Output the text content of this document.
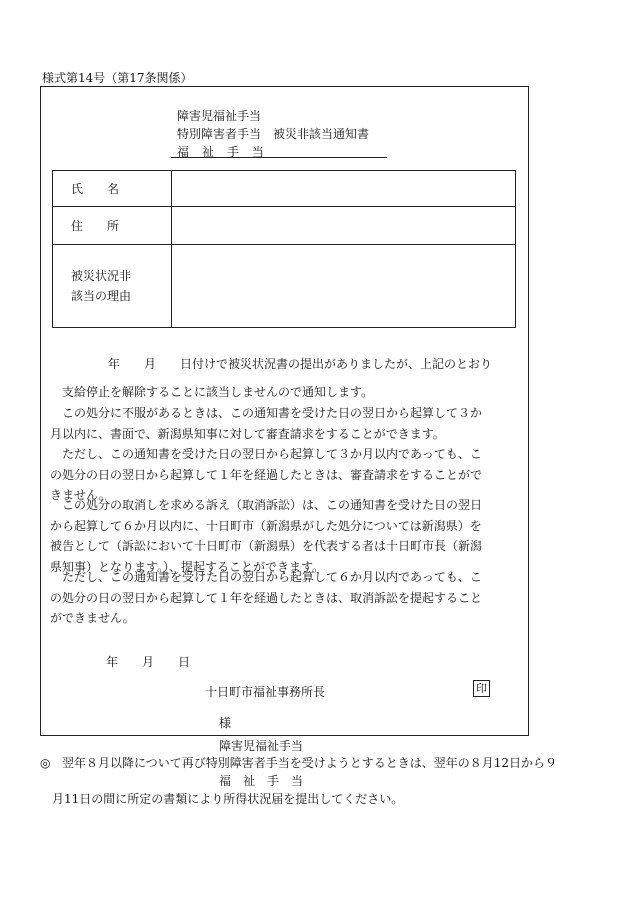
様式第14号（第17条関係）
障害児福祉手当
特別障害者手当　被災非該当通知書
福　祉　手　当
氏　　名	
住　　所	

被災状況非
該当の理由	

年　　月　　日付けで被災状況書の提出がありましたが、上記のとおり
支給停止を解除することに該当しませんので通知します。
この処分に不服があるときは、この通知書を受けた日の翌日から起算して３か
月以内に、書面で、新潟県知事に対して審査請求をすることができます。
ただし、この通知書を受けた日の翌日から起算して３か月以内であっても、こ
の処分の日の翌日から起算して１年を経過したときは、審査請求をすることがで
きません。
この処分の取消しを求める訴え（取消訴訟）は、この通知書を受けた日の翌日
から起算して６か月以内に、十日町市（新潟県がした処分については新潟県）を
被告として（訴訟において十日町市（新潟県）を代表する者は十日町市長（新潟
県知事）となります。）、提起することができます。
ただし、この通知書を受けた日の翌日から起算して６か月以内であっても、こ
の処分の日の翌日から起算して１年を経過したときは、取消訴訟を提起すること
ができません。
年　　月　　日
十日町市福祉事務所長	印
様
障害児福祉手当
◎ 翌年８月以降について再び特別障害者手当を受けようとするときは、翌年の８月12日から９
福　祉　手　当
月11日の間に所定の書類により所得状況届を提出してください。
